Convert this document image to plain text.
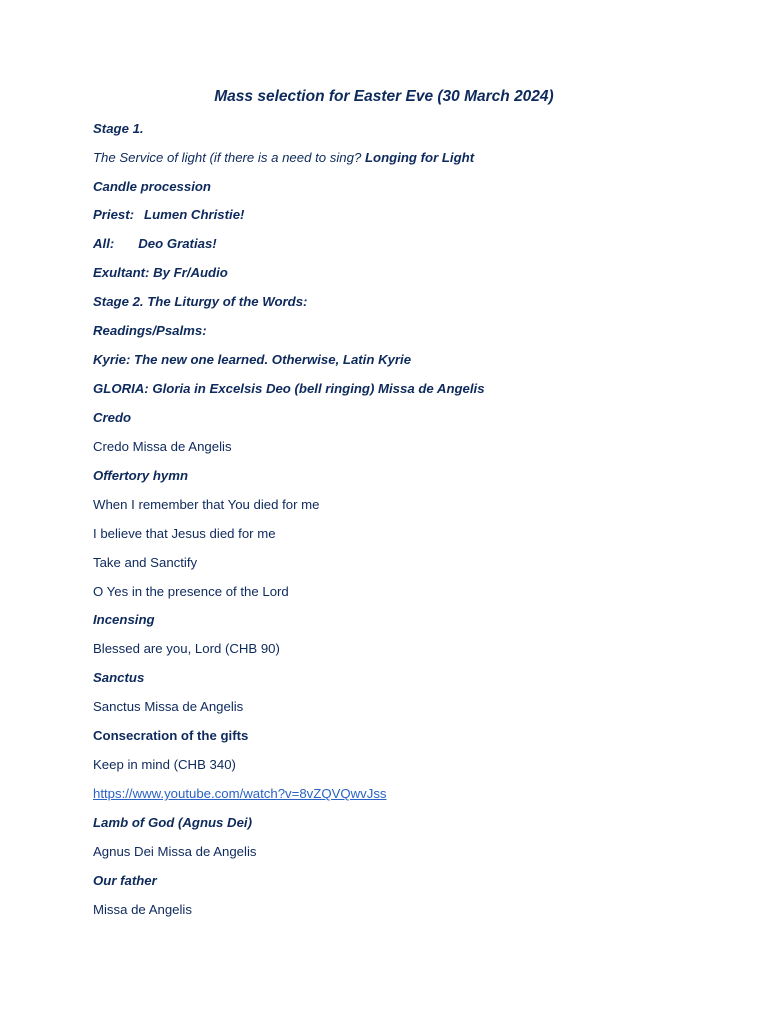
Mass selection for Easter Eve (30 March 2024)
Stage 1.
The Service of light (if there is a need to sing? Longing for Light
Candle procession
Priest: Lumen Christie!
All: Deo Gratias!
Exultant: By Fr/Audio
Stage 2. The Liturgy of the Words:
Readings/Psalms:
Kyrie: The new one learned. Otherwise, Latin Kyrie
GLORIA: Gloria in Excelsis Deo (bell ringing) Missa de Angelis
Credo
Credo Missa de Angelis
Offertory hymn
When I remember that You died for me
I believe that Jesus died for me
Take and Sanctify
O Yes in the presence of the Lord
Incensing
Blessed are you, Lord (CHB 90)
Sanctus
Sanctus Missa de Angelis
Consecration of the gifts
Keep in mind (CHB 340)
https://www.youtube.com/watch?v=8vZQVQwvJss
Lamb of God (Agnus Dei)
Agnus Dei Missa de Angelis
Our father
Missa de Angelis
